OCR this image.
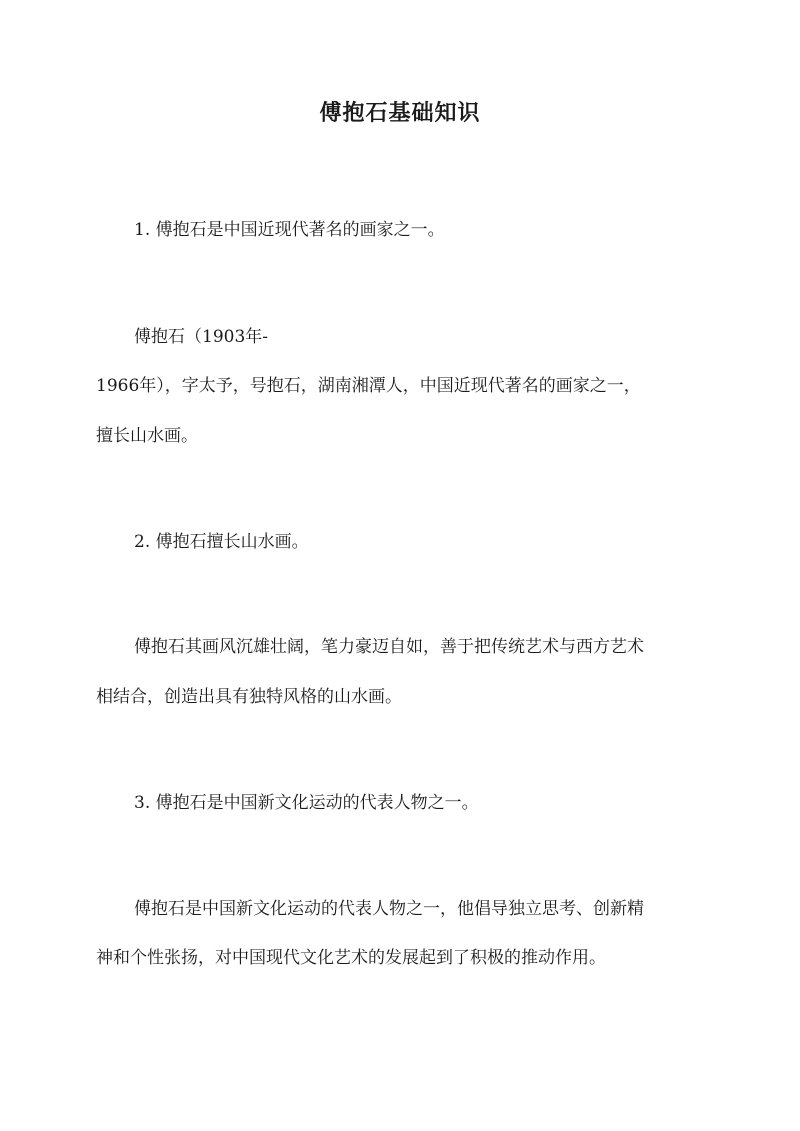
傅抱石基础知识
1. 傅抱石是中国近现代著名的画家之一。
傅抱石（1903年-
1966年），字太予，号抱石，湖南湘潭人，中国近现代著名的画家之一，
擅长山水画。
2. 傅抱石擅长山水画。
傅抱石其画风沉雄壮阔，笔力豪迈自如，善于把传统艺术与西方艺术
相结合，创造出具有独特风格的山水画。
3. 傅抱石是中国新文化运动的代表人物之一。
傅抱石是中国新文化运动的代表人物之一，他倡导独立思考、创新精
神和个性张扬，对中国现代文化艺术的发展起到了积极的推动作用。
